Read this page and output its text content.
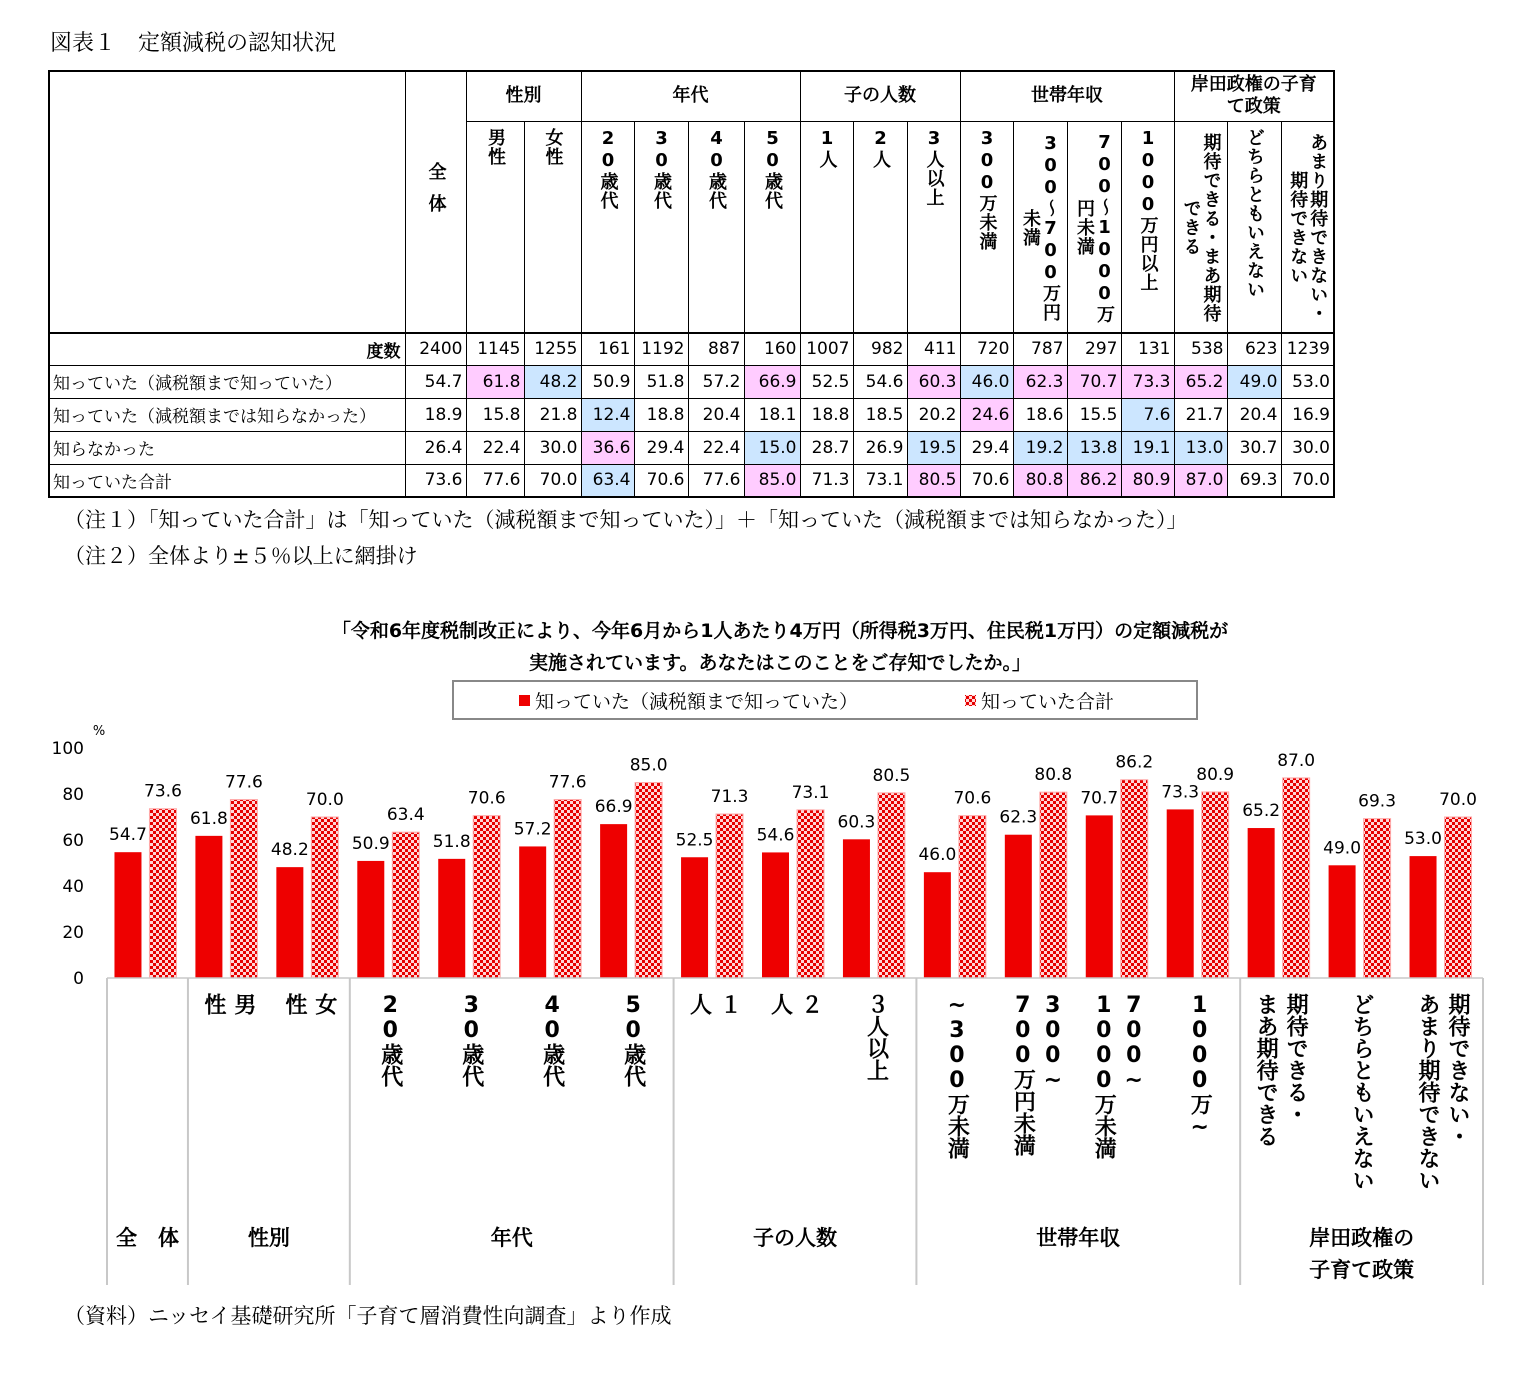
図表１　定額減税の認知状況
	全体	性別		年代				子の人数			世帯年収				岸田政権の子育て政策		

		男性	女性	20歳代	30歳代	40歳代	50歳代	1人	2人	3人以上	300万未満	300〜700万円未満	700〜1000万円未満	1000万円以上	期待できる・まあ期待できる	どちらともいえない	あまり期待できない・期待できない

度数	2400	1145	1255	161	1192	887	160	1007	982	411	720	787	297	131	538	623	1239
知っていた（減税額まで知っていた）	54.7	61.8	48.2	50.9	51.8	57.2	66.9	52.5	54.6	60.3	46.0	62.3	70.7	73.3	65.2	49.0	53.0
知っていた（減税額までは知らなかった）	18.9	15.8	21.8	12.4	18.8	20.4	18.1	18.8	18.5	20.2	24.6	18.6	15.5	7.6	21.7	20.4	16.9
知らなかった	26.4	22.4	30.0	36.6	29.4	22.4	15.0	28.7	26.9	19.5	29.4	19.2	13.8	19.1	13.0	30.7	30.0
知っていた合計	73.6	77.6	70.0	63.4	70.6	77.6	85.0	71.3	73.1	80.5	70.6	80.8	86.2	80.9	87.0	69.3	70.0
（注１）「知っていた合計」は「知っていた（減税額まで知っていた）」＋「知っていた（減税額までは知らなかった）」
（注２）全体より±５％以上に網掛け
「令和6年度税制改正により、今年6月から1人あたり4万円（所得税3万円、住民税1万円）の定額減税が
実施されています。あなたはこのことをご存知でしたか。」
知っていた（減税額まで知っていた）	知っていた合計
0
20
40
60
80
100
%
54.7
61.8
48.2	50.9	51.8
57.2
66.9
52.5	54.6
60.3
46.0
62.3
70.7	73.3
65.2
49.0	53.0
73.6	77.6
70.0
63.4
70.6
77.6
85.0
71.3	73.1
80.5
70.6
80.8
86.2
80.9
87.0
69.3	70.0
男
性	女
性	20歳代	30歳代	40歳代	50歳代	１
人	２
人	３人以上	~300万未満	300~
700万円未満	700~
1000万未満	1000万~	期待できる・
まあ期待できる	どちらともいえない	期待できない・
あまり期待できない
全　体	性別	年代	子の人数	世帯年収	岸田政権の
子育て政策
（資料）ニッセイ基礎研究所「子育て層消費性向調査」より作成
